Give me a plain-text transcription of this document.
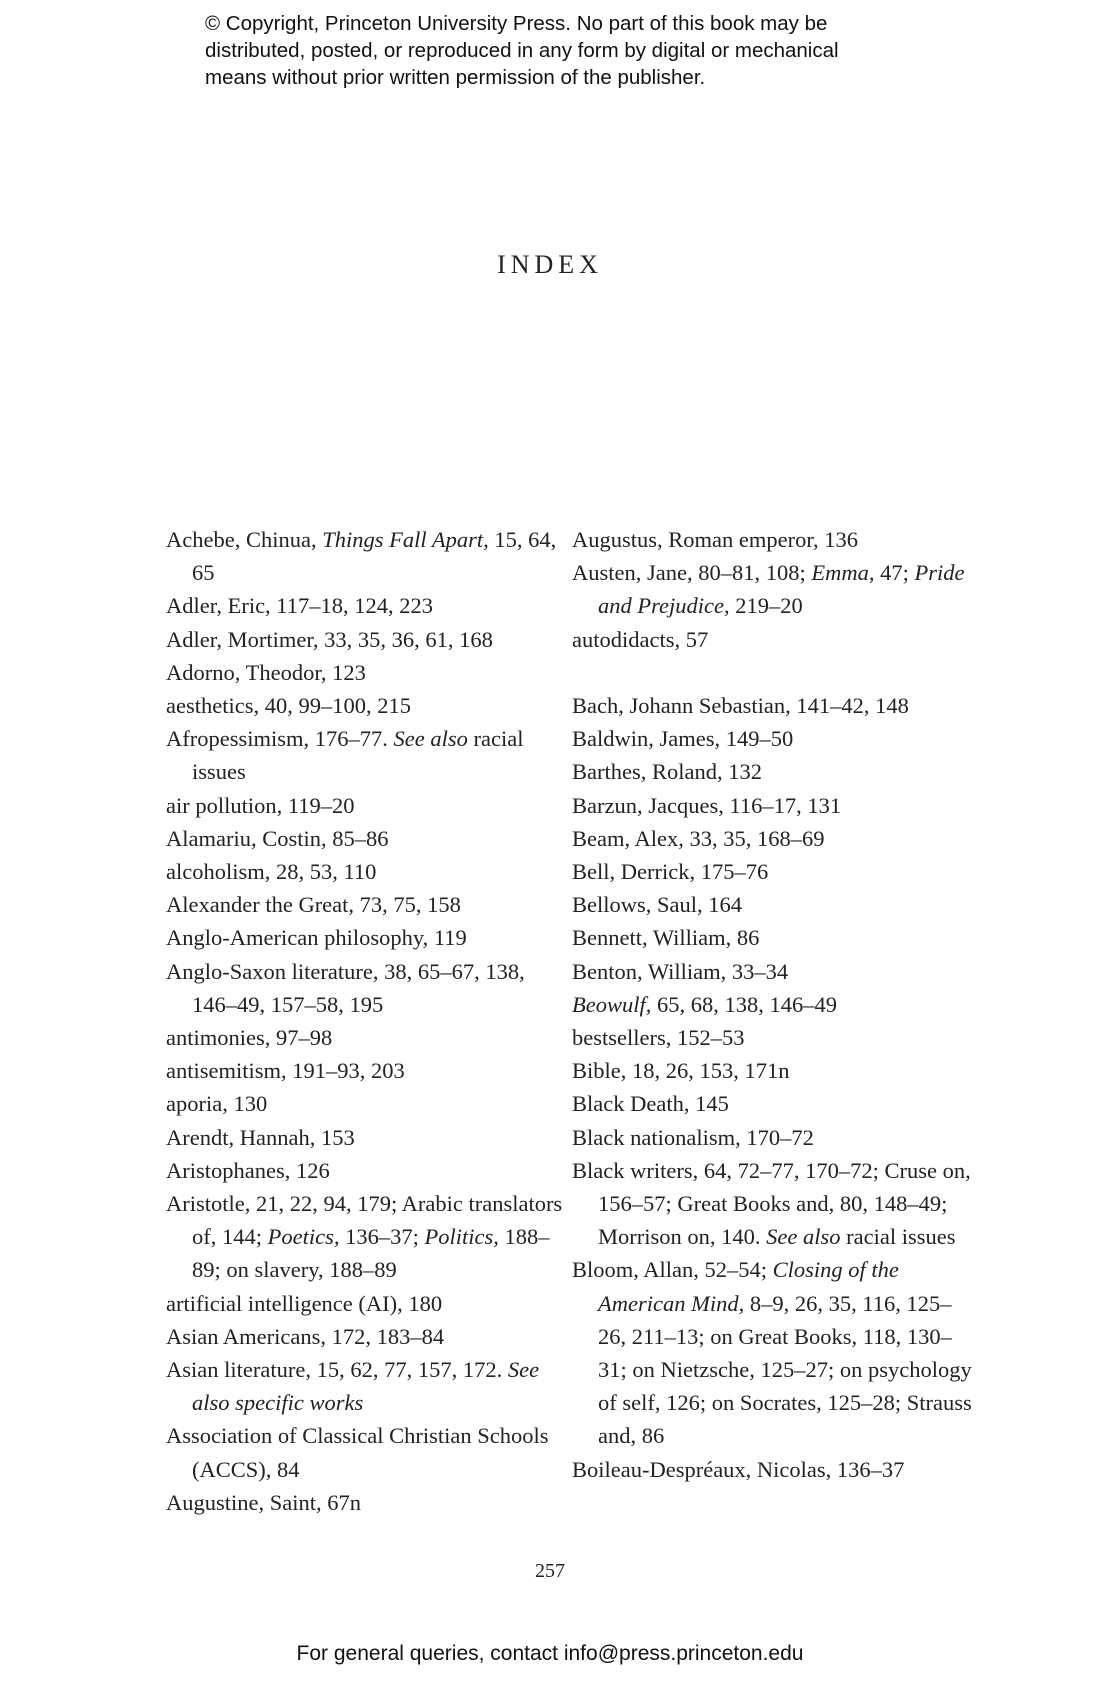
© Copyright, Princeton University Press. No part of this book may be
distributed, posted, or reproduced in any form by digital or mechanical
means without prior written permission of the publisher.
INDEX
Achebe, Chinua, Things Fall Apart, 15, 64, 65
Adler, Eric, 117–18, 124, 223
Adler, Mortimer, 33, 35, 36, 61, 168
Adorno, Theodor, 123
aesthetics, 40, 99–100, 215
Afropessimism, 176–77. See also racial issues
air pollution, 119–20
Alamariu, Costin, 85–86
alcoholism, 28, 53, 110
Alexander the Great, 73, 75, 158
Anglo-American philosophy, 119
Anglo-Saxon literature, 38, 65–67, 138, 146–49, 157–58, 195
antimonies, 97–98
antisemitism, 191–93, 203
aporia, 130
Arendt, Hannah, 153
Aristophanes, 126
Aristotle, 21, 22, 94, 179; Arabic translators of, 144; Poetics, 136–37; Politics, 188–89; on slavery, 188–89
artificial intelligence (AI), 180
Asian Americans, 172, 183–84
Asian literature, 15, 62, 77, 157, 172. See also specific works
Association of Classical Christian Schools (ACCS), 84
Augustine, Saint, 67n
Augustus, Roman emperor, 136
Austen, Jane, 80–81, 108; Emma, 47; Pride and Prejudice, 219–20
autodidacts, 57
Bach, Johann Sebastian, 141–42, 148
Baldwin, James, 149–50
Barthes, Roland, 132
Barzun, Jacques, 116–17, 131
Beam, Alex, 33, 35, 168–69
Bell, Derrick, 175–76
Bellows, Saul, 164
Bennett, William, 86
Benton, William, 33–34
Beowulf, 65, 68, 138, 146–49
bestsellers, 152–53
Bible, 18, 26, 153, 171n
Black Death, 145
Black nationalism, 170–72
Black writers, 64, 72–77, 170–72; Cruse on, 156–57; Great Books and, 80, 148–49; Morrison on, 140. See also racial issues
Bloom, Allan, 52–54; Closing of the American Mind, 8–9, 26, 35, 116, 125–26, 211–13; on Great Books, 118, 130–31; on Nietzsche, 125–27; on psychology of self, 126; on Socrates, 125–28; Strauss and, 86
Boileau-Despréaux, Nicolas, 136–37
257
For general queries, contact info@press.princeton.edu
